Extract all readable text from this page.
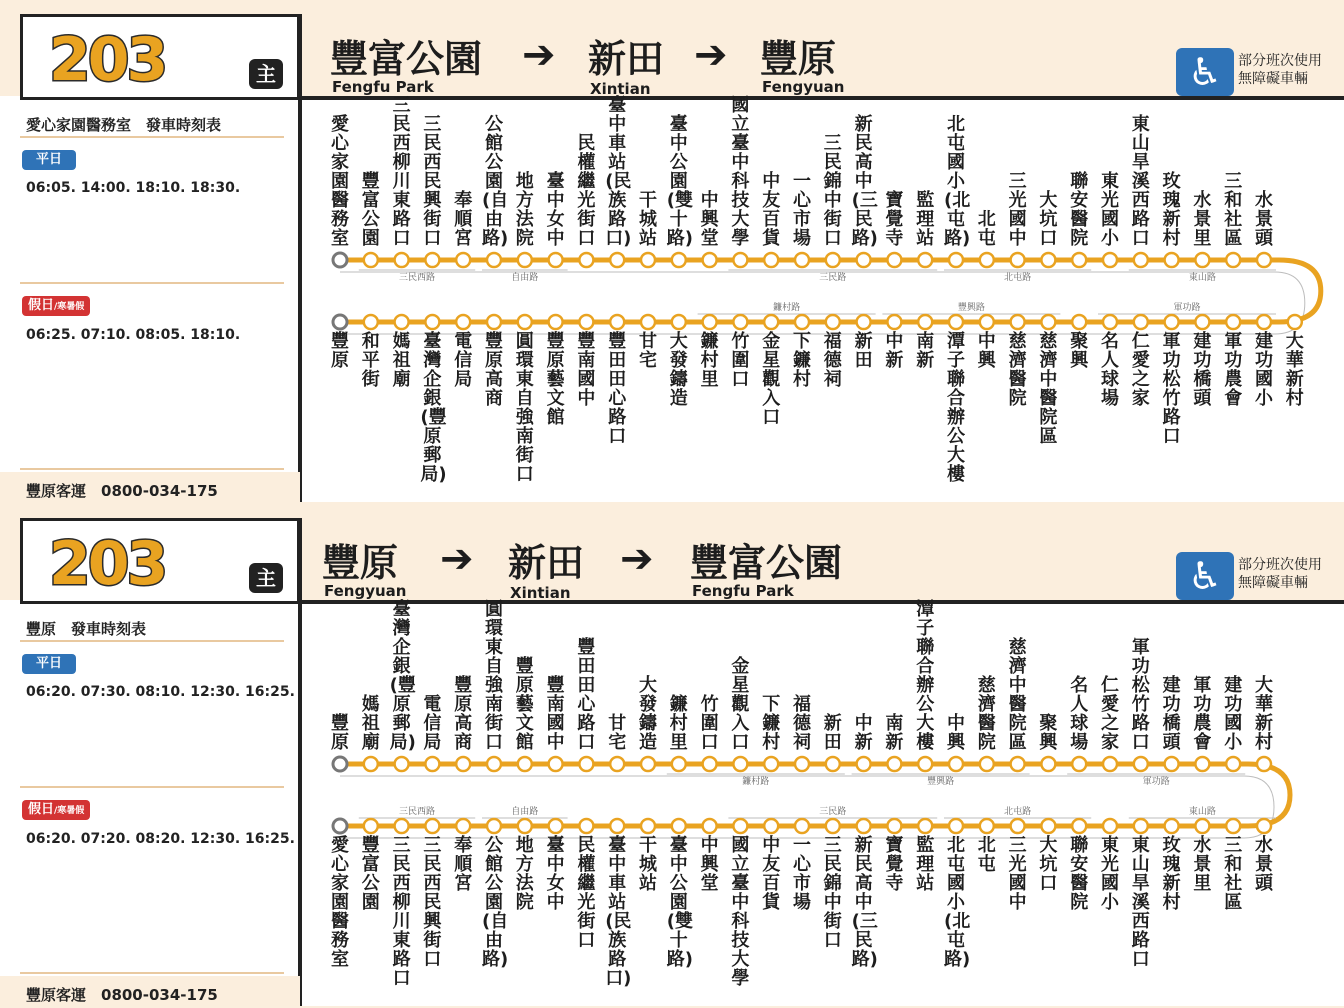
203	主 豐富公園
Fengfu Park
新田
Xintian
豐原
Fengyuan
➔	➔	♿	部分班次使用
無障礙車輛
愛心家園醫務室　發車時刻表
平日
06:05. 14:00. 18:10. 18:30.
假日/寒暑假
06:25. 07:10. 08:05. 18:10.
豐原客運　0800-034-175
三民西路	自由路	三民路	北屯路	東山路
鐮村路	豐興路	軍功路
愛心家園醫務室
豐富公園
三民西柳川東路口
三民西民興街口
奉順宮
公館公園(自由路)
地方法院
臺中女中
民權繼光街口
臺中車站(民族路口)
干城站
臺中公園(雙十路)
中興堂
國立臺中科技大學
中友百貨
一心市場
三民錦中街口
新民高中(三民路)
寶覺寺
監理站
北屯國小(北屯路)
北屯
三光國中
大坑口
聯安醫院
東光國小
東山旱溪西路口
玫瑰新村
水景里
三和社區
水景頭
豐原
和平街
媽祖廟
臺灣企銀(豐原郵局)
電信局
豐原高商
圓環東自強南街口
豐原藝文館
豐南國中
豐田田心路口
甘宅
大發鑄造
鐮村里
竹圍口
金星觀入口
下鐮村
福德祠
新田
中新
南新
潭子聯合辦公大樓
中興
慈濟醫院
慈濟中醫院區
聚興
名人球場
仁愛之家
軍功松竹路口
建功橋頭
軍功農會
建功國小
大華新村
203	主 豐原
Fengyuan
新田
Xintian
豐富公園
Fengfu Park
➔	➔	♿	部分班次使用
無障礙車輛
豐原　發車時刻表
平日
06:20. 07:30. 08:10. 12:30. 16:25.
假日/寒暑假
06:20. 07:20. 08:20. 12:30. 16:25.
豐原客運　0800-034-175
鐮村路	豐興路	軍功路
三民西路	自由路	三民路	北屯路	東山路
豐原
媽祖廟
臺灣企銀(豐原郵局)
電信局
豐原高商
圓環東自強南街口
豐原藝文館
豐南國中
豐田田心路口
甘宅
大發鑄造
鐮村里
竹圍口
金星觀入口
下鐮村
福德祠
新田
中新
南新
潭子聯合辦公大樓
中興
慈濟醫院
慈濟中醫院區
聚興
名人球場
仁愛之家
軍功松竹路口
建功橋頭
軍功農會
建功國小
大華新村
愛心家園醫務室
豐富公園
三民西柳川東路口
三民西民興街口
奉順宮
公館公園(自由路)
地方法院
臺中女中
民權繼光街口
臺中車站(民族路口)
干城站
臺中公園(雙十路)
中興堂
國立臺中科技大學
中友百貨
一心市場
三民錦中街口
新民高中(三民路)
寶覺寺
監理站
北屯國小(北屯路)
北屯
三光國中
大坑口
聯安醫院
東光國小
東山旱溪西路口
玫瑰新村
水景里
三和社區
水景頭
